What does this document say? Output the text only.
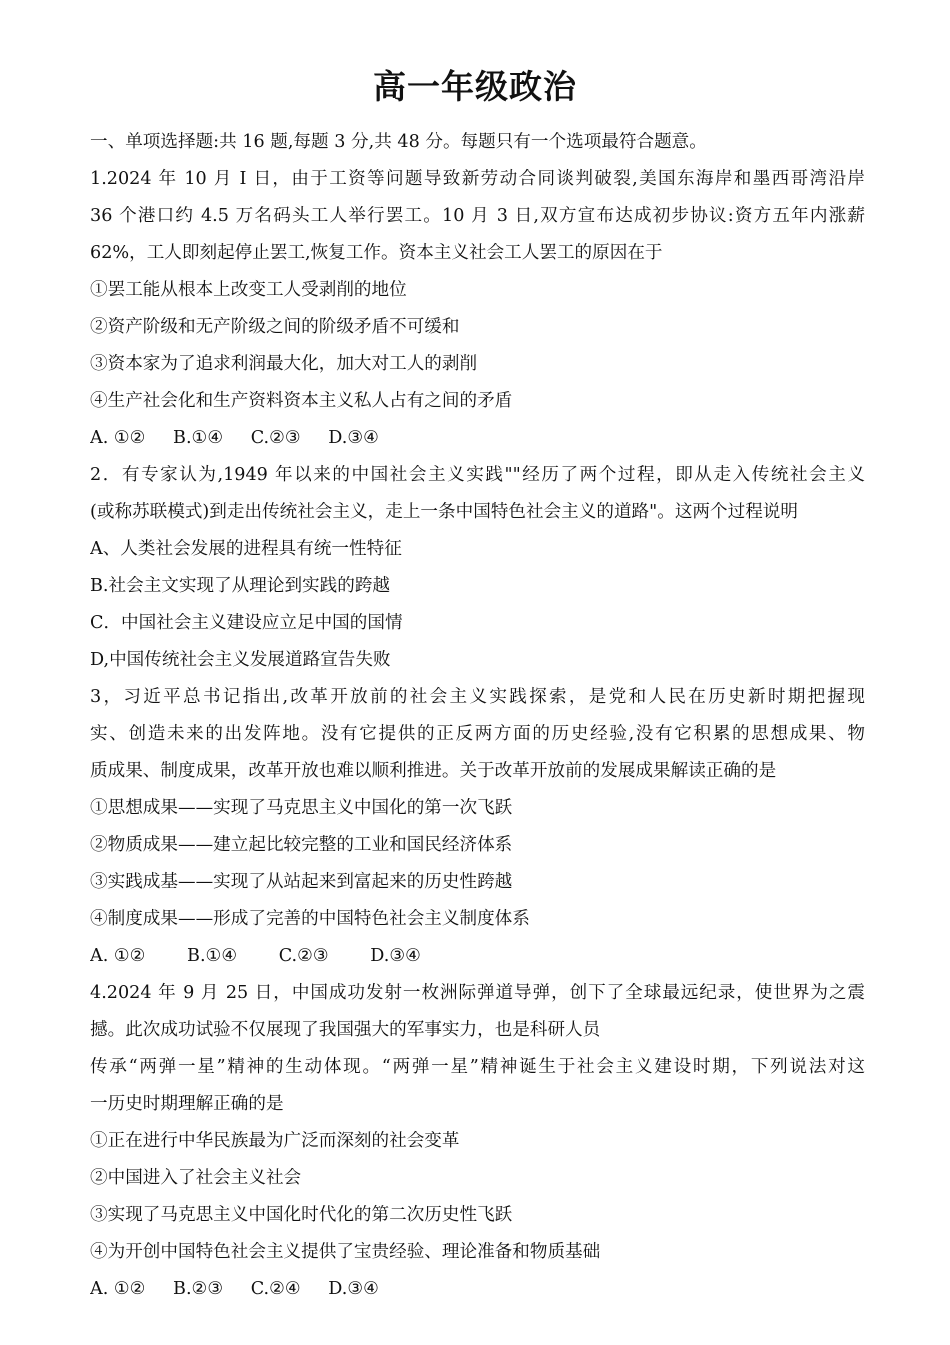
高一年级政治
一、单项选择题:共 16 题,每题 3 分,共 48 分。每题只有一个选项最符合题意。
1.2024 年 10 月 I 日，由于工资等问题导致新劳动合同谈判破裂,美国东海岸和墨西哥湾沿岸
36 个港口约 4.5 万名码头工人举行罢工。10 月 3 日,双方宣布达成初步协议:资方五年内涨薪
62%，工人即刻起停止罢工,恢复工作。资本主义社会工人罢工的原因在于
①罢工能从根本上改变工人受剥削的地位
②资产阶级和无产阶级之间的阶级矛盾不可缓和
③资本家为了追求利润最大化，加大对工人的剥削
④生产社会化和生产资料资本主义私人占有之间的矛盾
A. ①② B.①④ C.②③ D.③④
2．有专家认为,1949 年以来的中国社会主义实践""经历了两个过程，即从走入传统社会主义
(或称苏联模式)到走出传统社会主义，走上一条中国特色社会主义的道路"。这两个过程说明
A、人类社会发展的进程具有统一性特征
B.社会主文实现了从理论到实践的跨越
C．中国社会主义建设应立足中国的国情
D,中国传统社会主义发展道路宣告失败
3，习近平总书记指出,改革开放前的社会主义实践探索，是党和人民在历史新时期把握现
实、创造未来的出发阵地。没有它提供的正反两方面的历史经验,没有它积累的思想成果、物
质成果、制度成果，改革开放也难以顺利推进。关于改革开放前的发展成果解读正确的是
①思想成果——实现了马克思主义中国化的第一次飞跃
②物质成果——建立起比较完整的工业和国民经济体系
③实践成基——实现了从站起来到富起来的历史性跨越
④制度成果——形成了完善的中国特色社会主义制度体系
A. ①② B.①④ C.②③ D.③④
4.2024 年 9 月 25 日，中国成功发射一枚洲际弹道导弹，创下了全球最远纪录，使世界为之震
撼。此次成功试验不仅展现了我国强大的军事实力，也是科研人员
传承“两弹一星”精神的生动体现。“两弹一星”精神诞生于社会主义建设时期，下列说法对这
一历史时期理解正确的是
①正在进行中华民族最为广泛而深刻的社会变革
②中国进入了社会主义社会
③实现了马克思主义中国化时代化的第二次历史性飞跃
④为开创中国特色社会主义提供了宝贵经验、理论准备和物质基础
A. ①② B.②③ C.②④ D.③④
